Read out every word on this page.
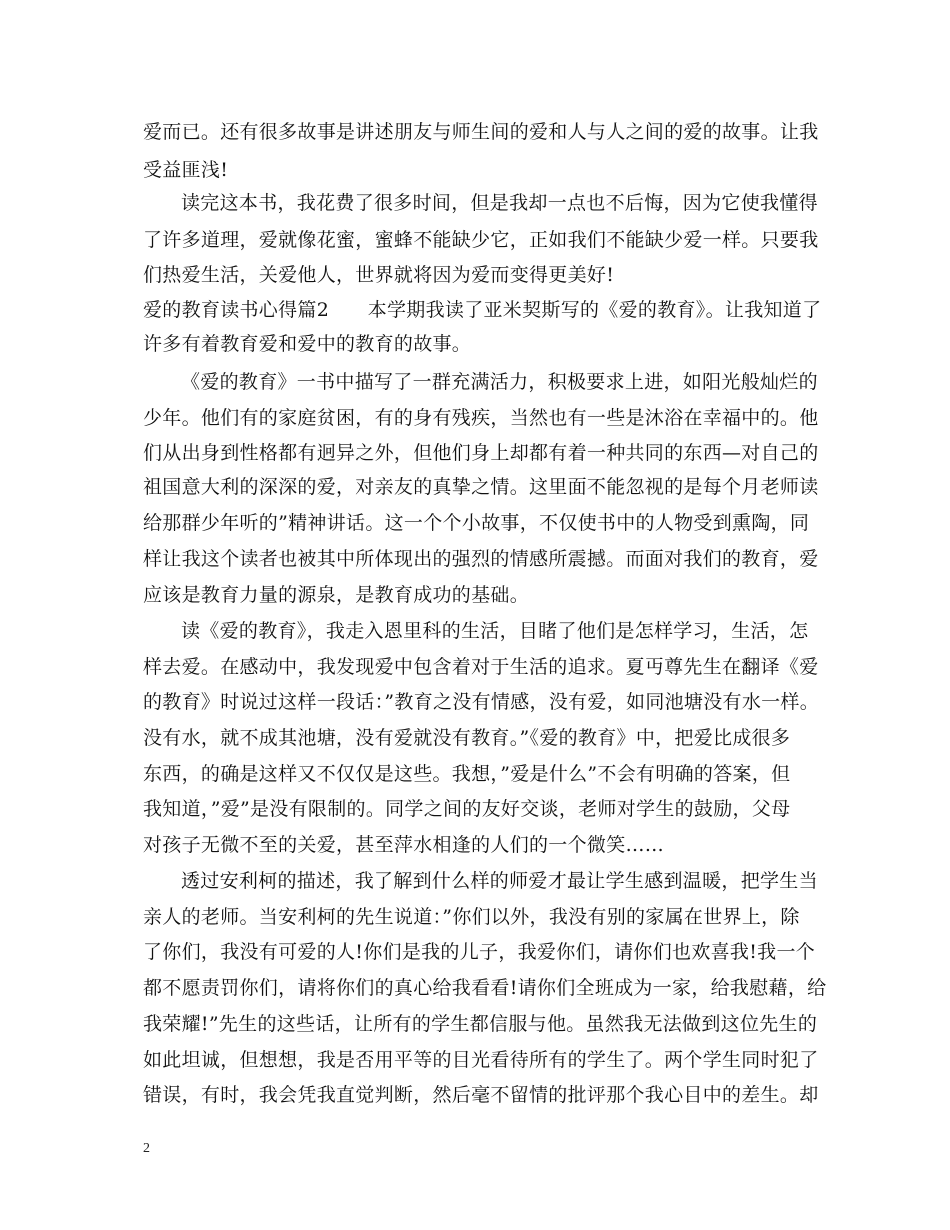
爱而已。还有很多故事是讲述朋友与师生间的爱和人与人之间的爱的故事。让我
受益匪浅!
读完这本书，我花费了很多时间，但是我却一点也不后悔，因为它使我懂得
了许多道理，爱就像花蜜，蜜蜂不能缺少它，正如我们不能缺少爱一样。只要我
们热爱生活，关爱他人，世界就将因为爱而变得更美好!
爱的教育读书心得篇2　　本学期我读了亚米契斯写的《爱的教育》。让我知道了
许多有着教育爱和爱中的教育的故事。
《爱的教育》一书中描写了一群充满活力，积极要求上进，如阳光般灿烂的
少年。他们有的家庭贫困，有的身有残疾，当然也有一些是沐浴在幸福中的。他
们从出身到性格都有迥异之外，但他们身上却都有着一种共同的东西—对自己的
祖国意大利的深深的爱，对亲友的真挚之情。这里面不能忽视的是每个月老师读
给那群少年听的”精神讲话。这一个个小故事，不仅使书中的人物受到熏陶，同
样让我这个读者也被其中所体现出的强烈的情感所震撼。而面对我们的教育，爱
应该是教育力量的源泉，是教育成功的基础。
读《爱的教育》，我走入恩里科的生活，目睹了他们是怎样学习，生活，怎
样去爱。在感动中，我发现爱中包含着对于生活的追求。夏丏尊先生在翻译《爱
的教育》时说过这样一段话：”教育之没有情感，没有爱，如同池塘没有水一样。
没有水，就不成其池塘，没有爱就没有教育。”《爱的教育》中，把爱比成很多
东西，的确是这样又不仅仅是这些。我想，”爱是什么”不会有明确的答案，但
我知道，”爱”是没有限制的。同学之间的友好交谈，老师对学生的鼓励，父母
对孩子无微不至的关爱，甚至萍水相逢的人们的一个微笑……
透过安利柯的描述，我了解到什么样的师爱才最让学生感到温暖，把学生当
亲人的老师。当安利柯的先生说道：”你们以外，我没有别的家属在世界上，除
了你们，我没有可爱的人!你们是我的儿子，我爱你们，请你们也欢喜我!我一个
都不愿责罚你们，请将你们的真心给我看看!请你们全班成为一家，给我慰藉，给
我荣耀!”先生的这些话，让所有的学生都信服与他。虽然我无法做到这位先生的
如此坦诚，但想想，我是否用平等的目光看待所有的学生了。两个学生同时犯了
错误，有时，我会凭我直觉判断，然后毫不留情的批评那个我心目中的差生。却
2
